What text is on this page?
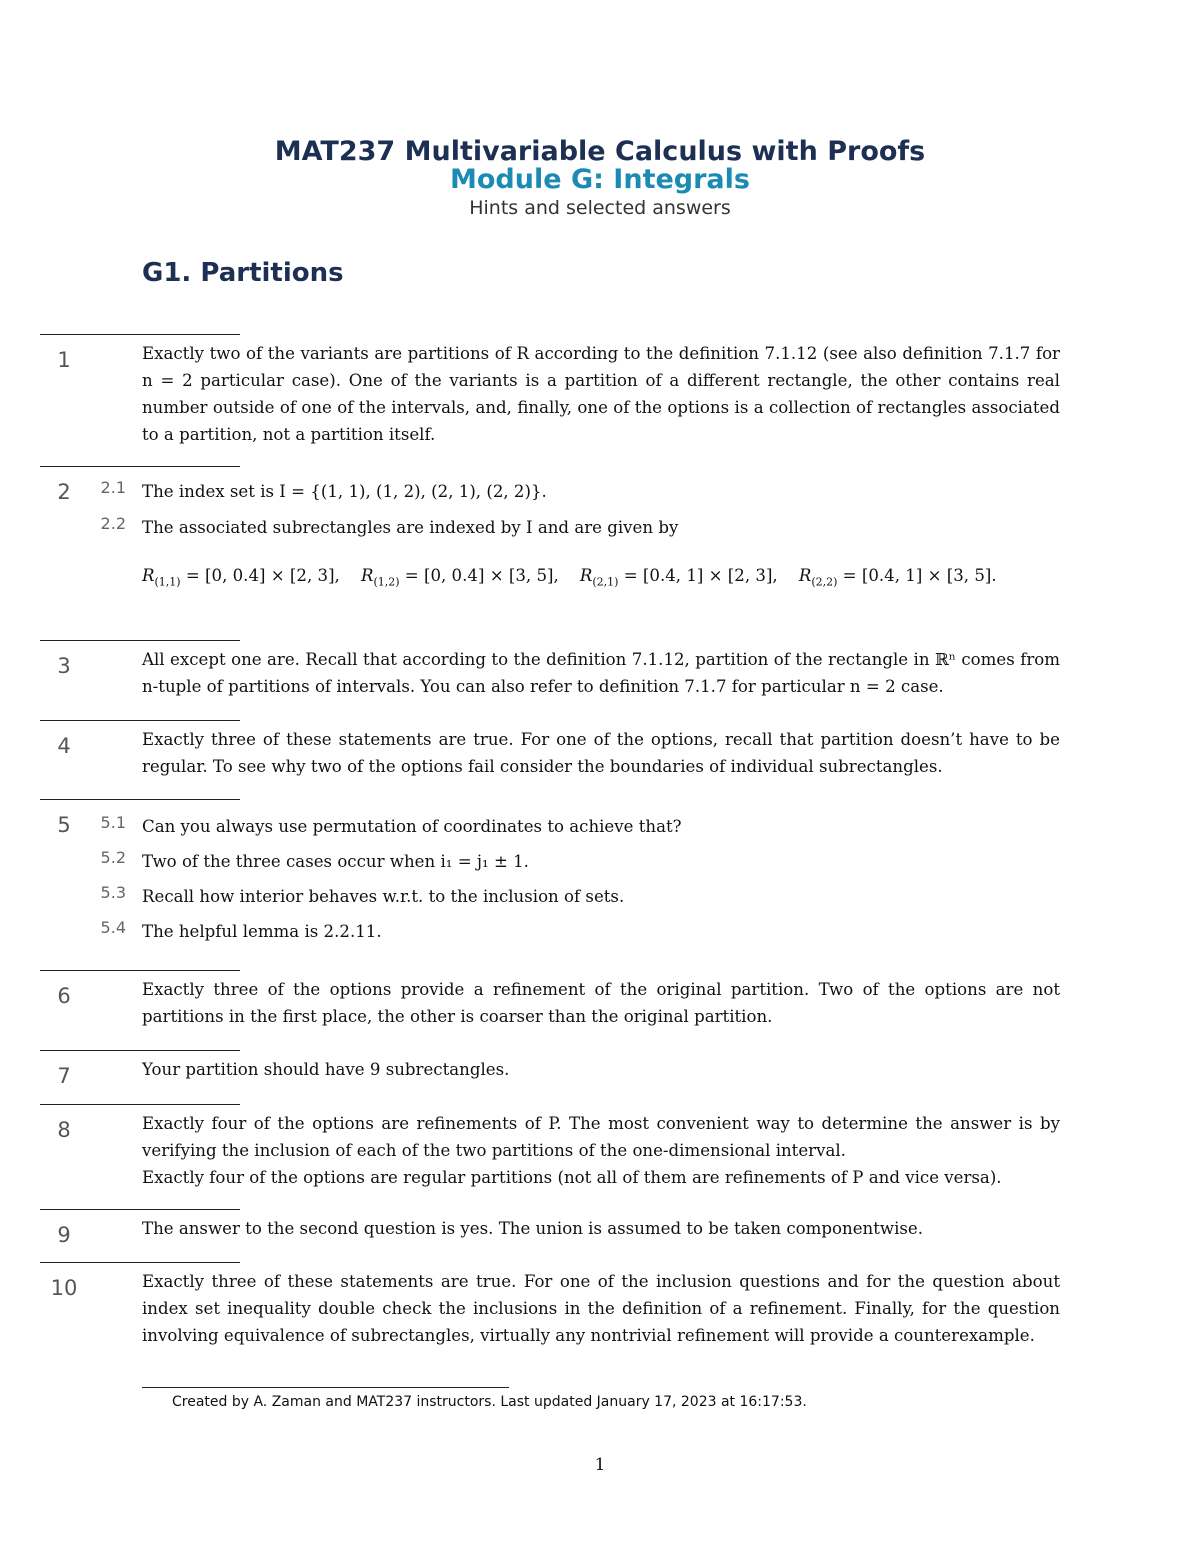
MAT237 Multivariable Calculus with Proofs
Module G: Integrals
Hints and selected answers
G1. Partitions
1	Exactly two of the variants are partitions of R according to the definition 7.1.12 (see also definition 7.1.7 for n = 2 particular case). One of the variants is a partition of a different rectangle, the other contains real number outside of one of the intervals, and, finally, one of the options is a collection of rectangles associated to a partition, not a partition itself.
2	2.1 The index set is I = {(1, 1), (1, 2), (2, 1), (2, 2)}.
2.2 The associated subrectangles are indexed by I and are given by
$R_{(1,1)} = [0$, 0.4] × [2, 3], $R_{(1,2)} = [0$, 0.4] × [3, 5], $R_{(2,1)} = [0.4$, 1] × [2, 3], $R_{(2,2)} = [0.4$, 1] × [3, 5].
3	All except one are. Recall that according to the definition 7.1.12, partition of the rectangle in ℝⁿ comes from n-tuple of partitions of intervals. You can also refer to definition 7.1.7 for particular n = 2 case.
4	Exactly three of these statements are true. For one of the options, recall that partition doesn’t have to be regular. To see why two of the options fail consider the boundaries of individual subrectangles.
5	5.1 Can you always use permutation of coordinates to achieve that?
5.2 Two of the three cases occur when i₁ = j₁ ± 1.
5.3 Recall how interior behaves w.r.t. to the inclusion of sets.
5.4 The helpful lemma is 2.2.11.
6	Exactly three of the options provide a refinement of the original partition. Two of the options are not partitions in the first place, the other is coarser than the original partition.
7	Your partition should have 9 subrectangles.
8	Exactly four of the options are refinements of P. The most convenient way to determine the answer is by verifying the inclusion of each of the two partitions of the one-dimensional interval.
Exactly four of the options are regular partitions (not all of them are refinements of P and vice versa).
9	The answer to the second question is yes. The union is assumed to be taken componentwise.
10	Exactly three of these statements are true. For one of the inclusion questions and for the question about index set inequality double check the inclusions in the definition of a refinement. Finally, for the question involving equivalence of subrectangles, virtually any nontrivial refinement will provide a counterexample.
Created by A. Zaman and MAT237 instructors. Last updated January 17, 2023 at 16:17:53.
1
